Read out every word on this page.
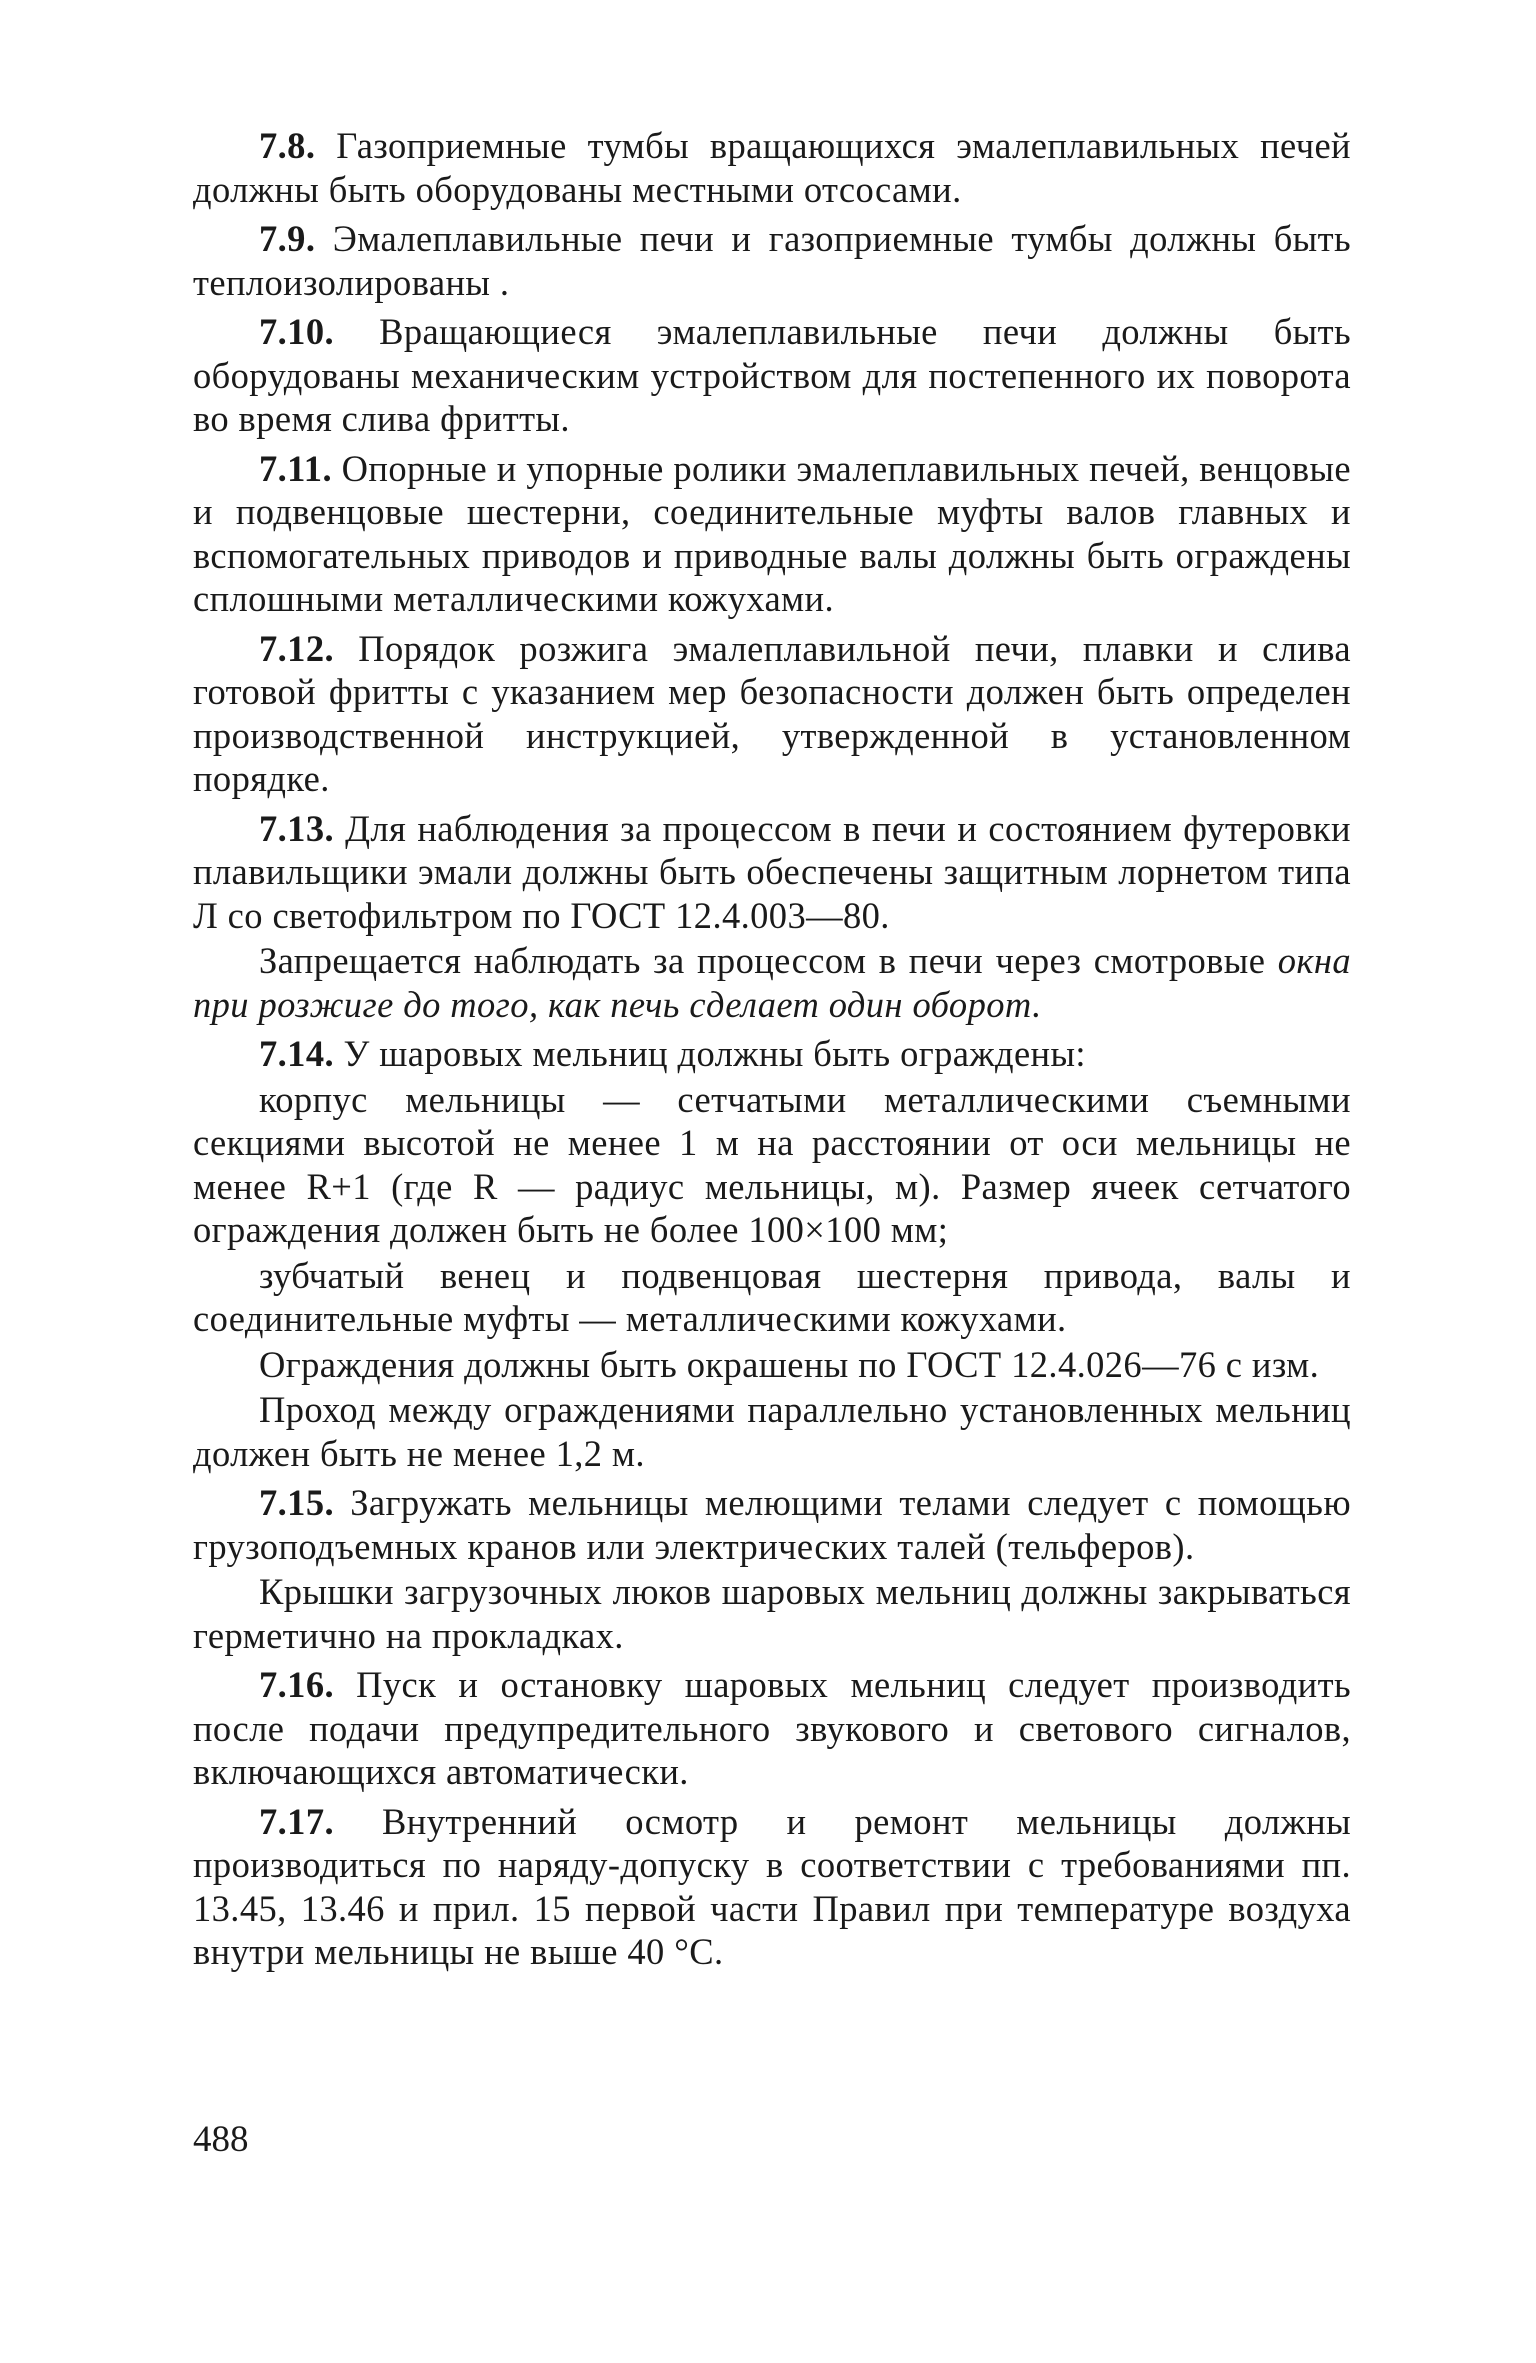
7.8. Газоприемные тумбы вращающихся эмалеплавильных печей должны быть оборудованы местными отсосами.

7.9. Эмалеплавильные печи и газоприемные тумбы должны быть теплоизолированы .

7.10. Вращающиеся эмалеплавильные печи должны быть оборудованы механическим устройством для постепенного их поворота во время слива фритты.

7.11. Опорные и упорные ролики эмалеплавильных печей, венцовые и подвенцовые шестерни, соединительные муфты валов главных и вспомогательных приводов и приводные валы должны быть ограждены сплошными металлическими кожухами.

7.12. Порядок розжига эмалеплавильной печи, плавки и слива готовой фритты с указанием мер безопасности должен быть определен производственной инструкцией, утвержденной в установленном порядке.

7.13. Для наблюдения за процессом в печи и состоянием футеровки плавильщики эмали должны быть обеспечены защитным лорнетом типа Л со светофильтром по ГОСТ 12.4.003—80.

Запрещается наблюдать за процессом в печи через смотровые окна при розжиге до того, как печь сделает один оборот.

7.14. У шаровых мельниц должны быть ограждены:

корпус мельницы — сетчатыми металлическими съемными секциями высотой не менее 1 м на расстоянии от оси мельницы не менее R+1 (где R — радиус мельницы, м). Размер ячеек сетчатого ограждения должен быть не более 100×100 мм;

зубчатый венец и подвенцовая шестерня привода, валы и соединительные муфты — металлическими кожухами.

Ограждения должны быть окрашены по ГОСТ 12.4.026—76 с изм.

Проход между ограждениями параллельно установленных мельниц должен быть не менее 1,2 м.

7.15. Загружать мельницы мелющими телами следует с помощью грузоподъемных кранов или электрических талей (тельферов).

Крышки загрузочных люков шаровых мельниц должны закрываться герметично на прокладках.

7.16. Пуск и остановку шаровых мельниц следует производить после подачи предупредительного звукового и светового сигналов, включающихся автоматически.

7.17. Внутренний осмотр и ремонт мельницы должны производиться по наряду-допуску в соответствии с требованиями пп. 13.45, 13.46 и прил. 15 первой части Правил при температуре воздуха внутри мельницы не выше 40 °С.

488
